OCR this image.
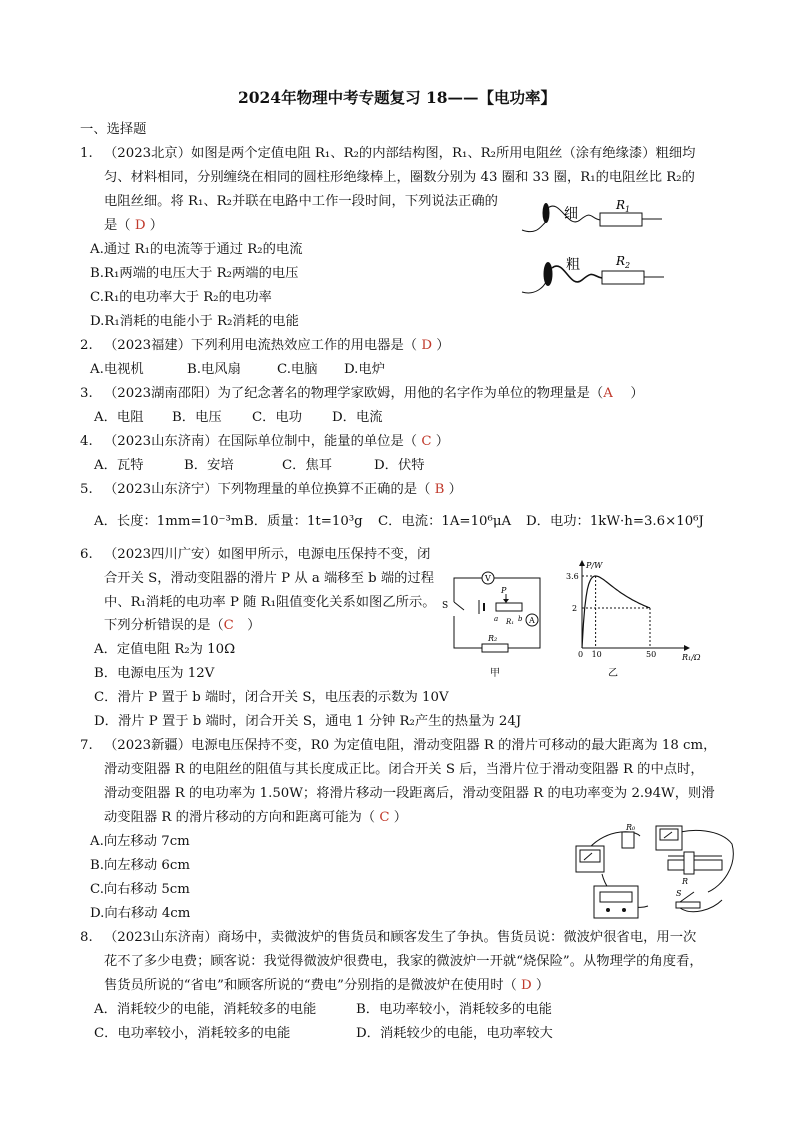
2024年物理中考专题复习 18——【电功率】
一、选择题
1. （2023北京）如图是两个定值电阻 R₁、R₂的内部结构图，R₁、R₂所用电阻丝（涂有绝缘漆）粗细均
匀、材料相同，分别缠绕在相同的圆柱形绝缘棒上，圈数分别为 43 圈和 33 圈，R₁的电阻丝比 R₂的
电阻丝细。将 R₁、R₂并联在电路中工作一段时间，下列说法正确的
是（ D ）
A.通过 R₁的电流等于通过 R₂的电流
B.R₁两端的电压大于 R₂两端的电压
C.R₁的电功率大于 R₂的电功率
D.R₁消耗的电能小于 R₂消耗的电能
细
$R_1$
粗	$R_2$
2. （2023福建）下列利用电流热效应工作的用电器是（ D ）
A.电视机	B.电风扇	C.电脑 D.电炉
3. （2023湖南邵阳）为了纪念著名的物理学家欧姆，用他的名字作为单位的物理量是（A　 ）
A．电阻 B．电压 C．电功 D．电流
4. （2023山东济南）在国际单位制中，能量的单位是（ C ）
A．瓦特	B．安培	C．焦耳	D．伏特
5. （2023山东济宁）下列物理量的单位换算不正确的是（ B ）
A．长度：1mm=10⁻³m B．质量：1t=10³g C．电流：1A=10⁶μA D．电功：1kW·h=3.6×10⁶J
6. （2023四川广安）如图甲所示，电源电压保持不变，闭
合开关 S，滑动变阻器的滑片 P 从 a 端移至 b 端的过程
中、R₁消耗的电功率 P 随 R₁阻值变化关系如图乙所示。
下列分析错误的是（C　）
A．定值电阻 R₂为 10Ω
B．电源电压为 12V
C．滑片 P 置于 b 端时，闭合开关 S，电压表的示数为 10V
D．滑片 P 置于 b 端时，闭合开关 S，通电 1 分钟 R₂产生的热量为 24J
V
S
P
a	b
R₁ A
R₂
甲
P/W
R₁/Ω
3.6
2
0 10	50
乙
7. （2023新疆）电源电压保持不变，R0 为定值电阻，滑动变阻器 R 的滑片可移动的最大距离为 18 cm，
滑动变阻器 R 的电阻丝的阻值与其长度成正比。闭合开关 S 后，当滑片位于滑动变阻器 R 的中点时，
滑动变阻器 R 的电功率为 1.50W；将滑片移动一段距离后，滑动变阻器 R 的电功率变为 2.94W，则滑
动变阻器 R 的滑片移动的方向和距离可能为（ C ）
A.向左移动 7cm
B.向左移动 6cm
C.向右移动 5cm
D.向右移动 4cm
R₀
R
S
8. （2023山东济南）商场中，卖微波炉的售货员和顾客发生了争执。售货员说：微波炉很省电，用一次
花不了多少电费；顾客说：我觉得微波炉很费电，我家的微波炉一开就“烧保险”。从物理学的角度看，
售货员所说的“省电”和顾客所说的“费电”分别指的是微波炉在使用时（ D ）
A．消耗较少的电能，消耗较多的电能	B．电功率较小，消耗较多的电能
C．电功率较小，消耗较多的电能	D．消耗较少的电能，电功率较大
